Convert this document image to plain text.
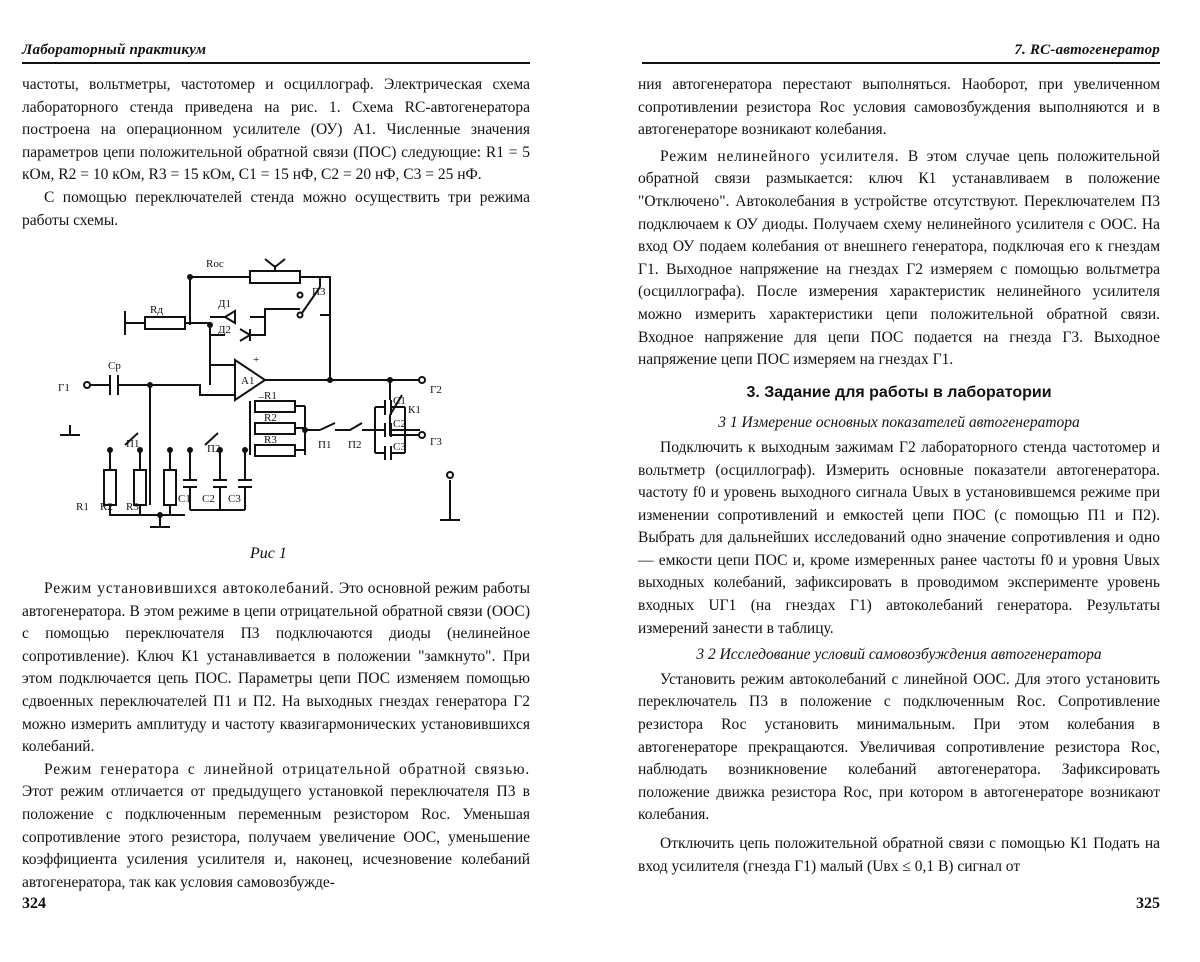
Лабораторный практикум

частоты, вольтметры, частотомер и осциллограф. Электрическая схема лабораторного стенда приведена на рис. 1. Схема RC-автогенератора построена на операционном усилителе (ОУ) А1. Численные значения параметров цепи положительной обратной связи (ПОС) следующие: R1 = 5 кОм, R2 = 10 кОм, R3 = 15 кОм, C1 = 15 нФ, C2 = 20 нФ, C3 = 25 нФ.

С помощью переключателей стенда можно осуществить три режима работы схемы.

Roc
П3
Rд	Д1
Д2
A1
+
−
Cp
Г1	Г2
Г3
К1
R1
R2
R3
C1
C2
C3
П1 П2
П1	П2
R1 R2 R3
C1 C2 C3
Рис 1

Режим установившихся автоколебаний. Это основной режим работы автогенератора. В этом режиме в цепи отрицательной обратной связи (ООС) с помощью переключателя П3 подключаются диоды (нелинейное сопротивление). Ключ К1 устанавливается в положении "замкнуто". При этом подключается цепь ПОС. Параметры цепи ПОС изменяем помощью сдвоенных переключателей П1 и П2. На выходных гнездах генератора Г2 можно измерить амплитуду и частоту квазигармонических установившихся колебаний.

Режим генератора с линейной отрицательной обратной связью. Этот режим отличается от предыдущего установкой переключателя П3 в положение с подключенным переменным резистором Rос. Уменьшая сопротивление этого резистора, получаем увеличение ООС, уменьшение коэффициента усиления усилителя и, наконец, исчезновение колебаний автогенератора, так как условия самовозбужде-

324
7. RC-автогенератор

ния автогенератора перестают выполняться. Наоборот, при увеличенном сопротивлении резистора Rос условия самовозбуждения выполняются и в автогенераторе возникают колебания.

Режим нелинейного усилителя. В этом случае цепь положительной обратной связи размыкается: ключ К1 устанавливаем в положение "Отключено". Автоколебания в устройстве отсутствуют. Переключателем П3 подключаем к ОУ диоды. Получаем схему нелинейного усилителя с ООС. На вход ОУ подаем колебания от внешнего генератора, подключая его к гнездам Г1. Выходное напряжение на гнездах Г2 измеряем с помощью вольтметра (осциллографа). После измерения характеристик нелинейного усилителя можно измерить характеристики цепи положительной обратной связи. Входное напряжение для цепи ПОС подается на гнезда Г3. Выходное напряжение цепи ПОС измеряем на гнездах Г1.

3. Задание для работы в лаборатории
3 1 Измерение основных показателей автогенератора

Подключить к выходным зажимам Г2 лабораторного стенда частотомер и вольтметр (осциллограф). Измерить основные показатели автогенератора. частоту f0 и уровень выходного сигнала Uвых в установившемся режиме при изменении сопротивлений и емкостей цепи ПОС (с помощью П1 и П2). Выбрать для дальнейших исследований одно значение сопротивления и одно — емкости цепи ПОС и, кроме измеренных ранее частоты f0 и уровня Uвых выходных колебаний, зафиксировать в проводимом эксперименте уровень входных UГ1 (на гнездах Г1) автоколебаний генератора. Результаты измерений занести в таблицу.

3 2 Исследование условий самовозбуждения автогенератора

Установить режим автоколебаний с линейной ООС. Для этого установить переключатель П3 в положение с подключенным Rос. Сопротивление резистора Rос установить минимальным. При этом колебания в автогенераторе прекращаются. Увеличивая сопротивление резистора Rос, наблюдать возникновение колебаний автогенератора. Зафиксировать положение движка резистора Rос, при котором в автогенераторе возникают колебания.

Отключить цепь положительной обратной связи с помощью К1 Подать на вход усилителя (гнезда Г1) малый (Uвх ≤ 0,1 В) сигнал от

325
